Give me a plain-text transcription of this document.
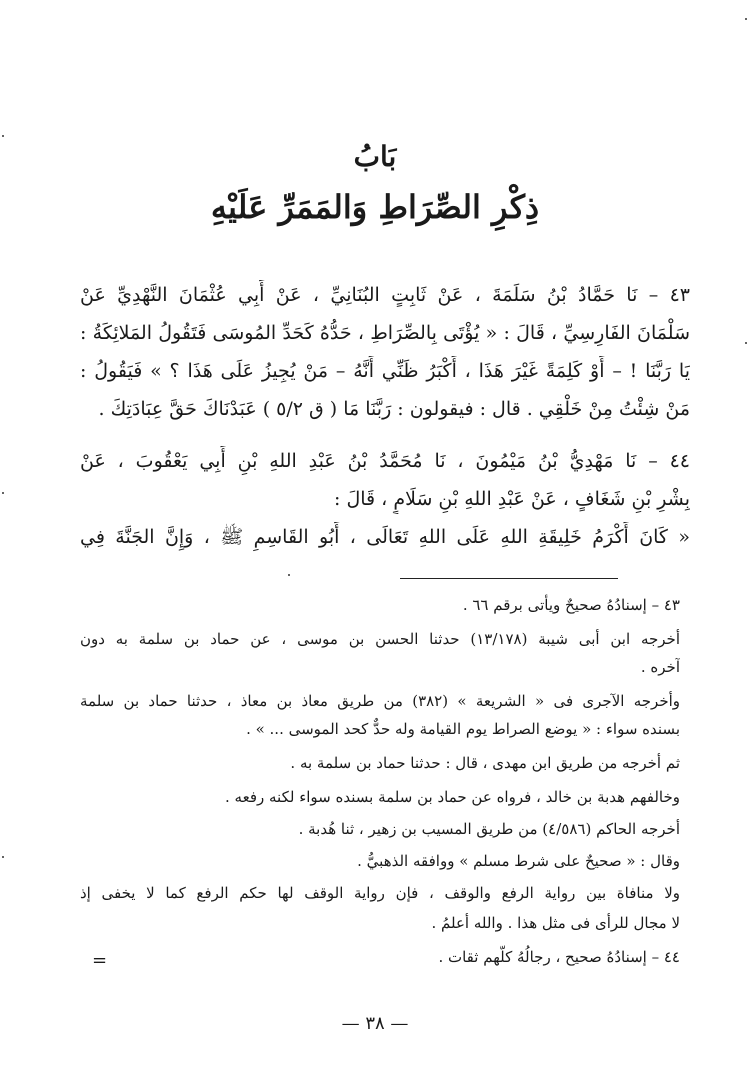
بَابُ
ذِكْرِ الصِّرَاطِ وَالمَمَرِّ عَلَيْهِ
٤٣ – نَا حَمَّادُ بْنُ سَلَمَةَ ، عَنْ ثَابِتٍ البُنَانِيِّ ، عَنْ أَبِي عُثْمَانَ النَّهْدِيِّ عَنْ
سَلْمَانَ الفَارِسِيِّ ، قَالَ : « يُؤْتَى بِالصِّرَاطِ ، حَدُّهُ كَحَدِّ المُوسَى فَتَقُولُ المَلائِكَةُ :
يَا رَبَّنَا ! – أَوْ كَلِمَةً غَيْرَ هَذَا ، أَكْبَرُ ظَنِّي أَنَّهُ – مَنْ يُجِيزُ عَلَى هَذَا ؟ » فَيَقُولُ :
مَنْ شِئْتُ مِنْ خَلْقِي . قال : فيقولون : رَبَّنَا مَا ( ق ٥/٢ ) عَبَدْنَاكَ حَقَّ عِبَادَتِكَ .
٤٤ – نَا مَهْدِيُّ بْنُ مَيْمُونَ ، نَا مُحَمَّدُ بْنُ عَبْدِ اللهِ بْنِ أَبِي يَعْقُوبَ ، عَنْ
بِشْرِ بْنِ شَغَافٍ ، عَنْ عَبْدِ اللهِ بْنِ سَلَامٍ ، قَالَ :
« كَانَ أَكْرَمُ خَلِيقَةِ اللهِ عَلَى اللهِ تَعَالَى ، أَبُو القَاسِمِ ﷺ ، وَإِنَّ الجَنَّةَ فِي
٤٣ – إسنادُهُ صحيحٌ ويأتى برقم ٦٦ .
أخرجه ابن أبى شيبة (١٣/١٧٨) حدثنا الحسن بن موسى ، عن حماد بن سلمة به دون
آخره .
وأخرجه الآجرى فى « الشريعة » (٣٨٢) من طريق معاذ بن معاذ ، حدثنا حماد بن سلمة
بسنده سواء : « يوضع الصراط يوم القيامة وله حدٌّ كحد الموسى ... » .
ثم أخرجه من طريق ابن مهدى ، قال : حدثنا حماد بن سلمة به .
وخالفهم هدبة بن خالد ، فرواه عن حماد بن سلمة بسنده سواء لكنه رفعه .
أخرجه الحاكم (٤/٥٨٦) من طريق المسيب بن زهير ، ثنا هُدبة .
وقال : « صحيحٌ على شرط مسلم » ووافقه الذهبيُّ .
ولا منافاة بين رواية الرفع والوقف ، فإن رواية الوقف لها حكم الرفع كما لا يخفى إذ
لا مجال للرأى فى مثل هذا . والله أعلمُ .
٤٤ – إسنادُهُ صحيح ، رجالُهُ كلُّهم ثقات .
=
— ٣٨ —
